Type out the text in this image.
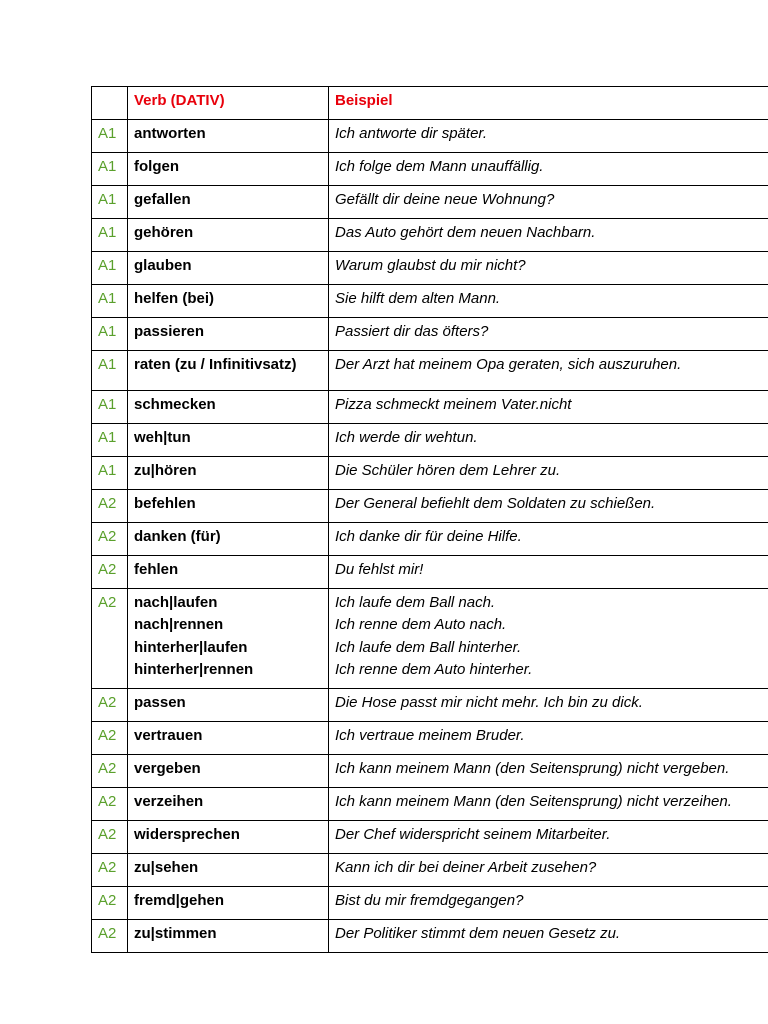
	Verb (DATIV)	Beispiel
A1	antworten	Ich antworte dir später.

A1	folgen	Ich folge dem Mann unauffällig.

A1	gefallen	Gefällt dir deine neue Wohnung?

A1	gehören	Das Auto gehört dem neuen Nachbarn.

A1	glauben	Warum glaubst du mir nicht?

A1	helfen (bei)	Sie hilft dem alten Mann.

A1	passieren	Passiert dir das öfters?

A1	raten (zu / Infinitivsatz)	Der Arzt hat meinem Opa geraten, sich auszuruhen.

A1	schmecken	Pizza schmeckt meinem Vater.nicht

A1	weh|tun	Ich werde dir wehtun.

A1	zu|hören	Die Schüler hören dem Lehrer zu.

A2	befehlen	Der General befiehlt dem Soldaten zu schießen.

A2	danken (für)	Ich danke dir für deine Hilfe.

A2	fehlen	Du fehlst mir!

A2	nach|laufen
nach|rennen
hinterher|laufen
hinterher|rennen	Ich laufe dem Ball nach.
Ich renne dem Auto nach.
Ich laufe dem Ball hinterher.
Ich renne dem Auto hinterher.

A2	passen	Die Hose passt mir nicht mehr. Ich bin zu dick.

A2	vertrauen	Ich vertraue meinem Bruder.

A2	vergeben	Ich kann meinem Mann (den Seitensprung) nicht vergeben.

A2	verzeihen	Ich kann meinem Mann (den Seitensprung) nicht verzeihen.

A2	widersprechen	Der Chef widerspricht seinem Mitarbeiter.

A2	zu|sehen	Kann ich dir bei deiner Arbeit zusehen?

A2	fremd|gehen	Bist du mir fremdgegangen?

A2	zu|stimmen	Der Politiker stimmt dem neuen Gesetz zu.
